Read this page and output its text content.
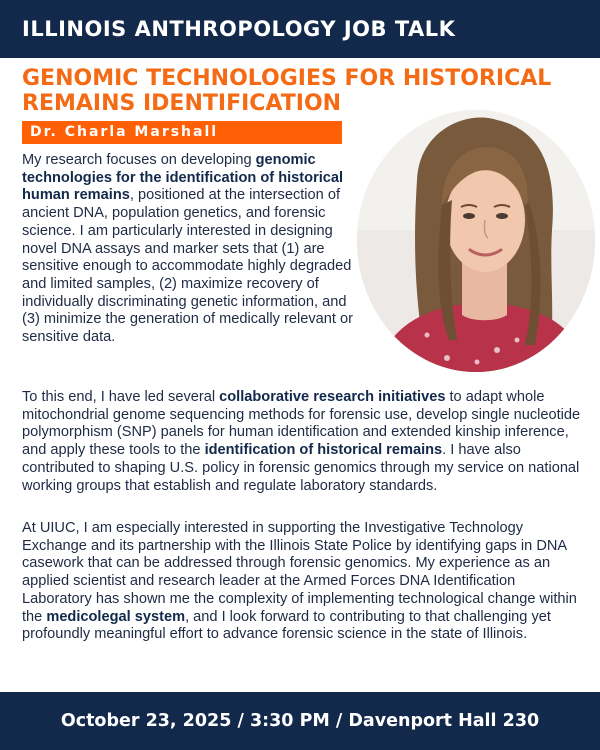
ILLINOIS ANTHROPOLOGY JOB TALK
GENOMIC TECHNOLOGIES FOR HISTORICAL REMAINS IDENTIFICATION
Dr. Charla Marshall

My research focuses on developing genomic technologies for the identification of historical human remains, positioned at the intersection of ancient DNA, population genetics, and forensic science. I am particularly interested in designing novel DNA assays and marker sets that (1) are sensitive enough to accommodate highly degraded and limited samples, (2) maximize recovery of individually discriminating genetic information, and (3) minimize the generation of medically relevant or sensitive data.

To this end, I have led several collaborative research initiatives to adapt whole mitochondrial genome sequencing methods for forensic use, develop single nucleotide polymorphism (SNP) panels for human identification and extended kinship inference, and apply these tools to the identification of historical remains. I have also contributed to shaping U.S. policy in forensic genomics through my service on national working groups that establish and regulate laboratory standards.

At UIUC, I am especially interested in supporting the Investigative Technology Exchange and its partnership with the Illinois State Police by identifying gaps in DNA casework that can be addressed through forensic genomics. My experience as an applied scientist and research leader at the Armed Forces DNA Identification Laboratory has shown me the complexity of implementing technological change within the medicolegal system, and I look forward to contributing to that challenging yet profoundly meaningful effort to advance forensic science in the state of Illinois.

October 23, 2025 / 3:30 PM / Davenport Hall 230
